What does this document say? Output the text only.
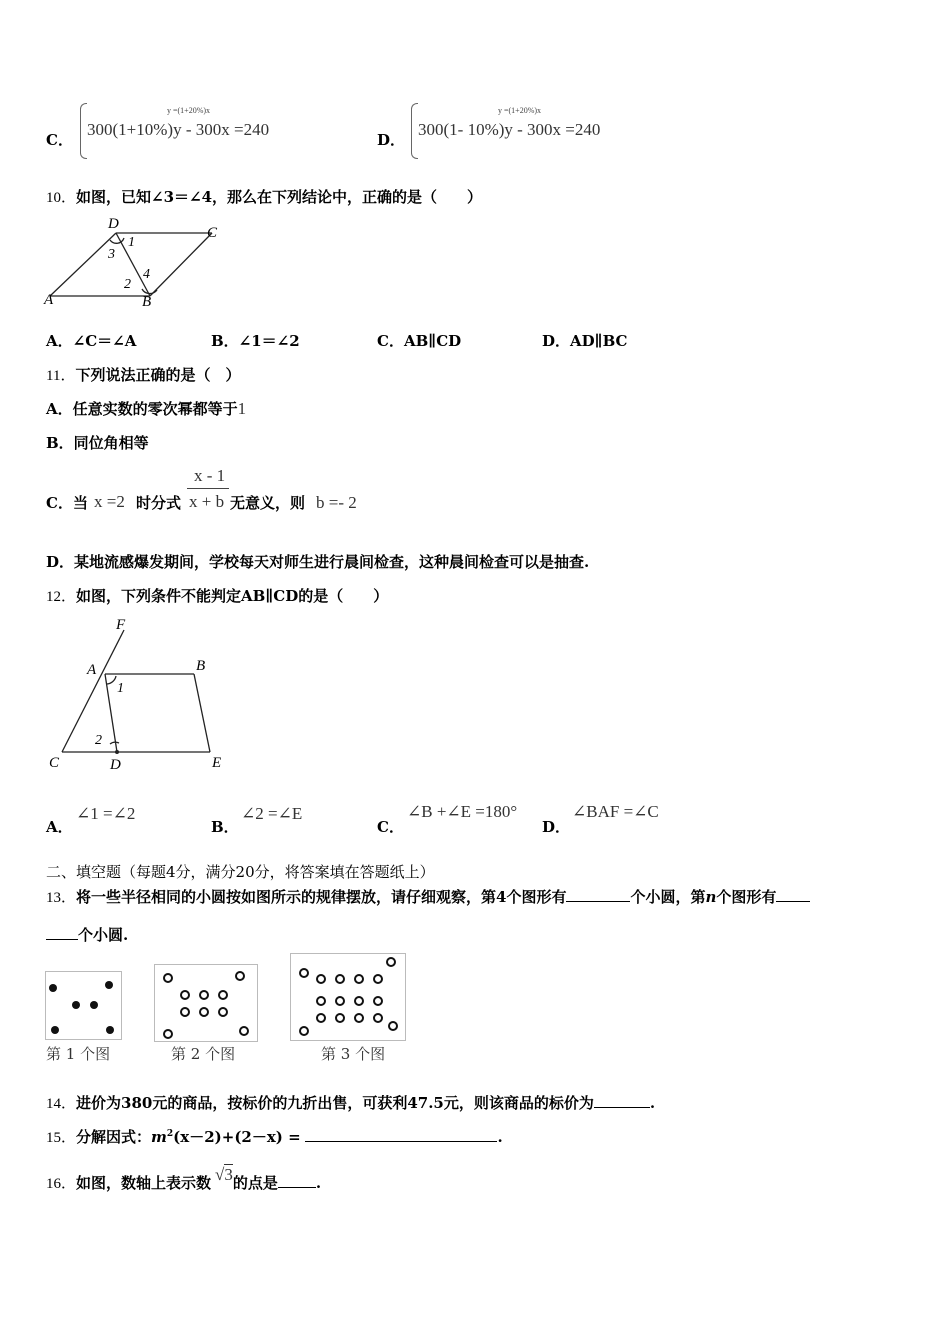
C．
y =(1+20%)x
300(1+10%)y - 300x =240
D．
y =(1+20%)x
300(1- 10%)y - 300x =240
10．如图，已知∠3＝∠4，那么在下列结论中，正确的是（　　）
D
C
A	B
1
2
3
4
A．∠C＝∠A	B．∠1＝∠2	C．AB∥CD	D．AD∥BC
11．下列说法正确的是（　）
A．任意实数的零次幂都等于1
B．同位角相等
C．当 x =2 时分式
x - 1
x + b 无意义，则 b =- 2
D．某地流感爆发期间，学校每天对师生进行晨间检查，这种晨间检查可以是抽查.
12．如图，下列条件不能判定AB∥CD的是（　　）
F
A	B
1
2
C	D	E
A．
∠1 =∠2
B．
∠2 =∠E
C．
∠B +∠E =180°
D．
∠BAF =∠C
二、填空题（每题4分，满分20分，将答案填在答题纸上）
13．将一些半径相同的小圆按如图所示的规律摆放，请仔细观察，第4个图形有	个小圆，第n个图形有
个小圆.
第 1 个图	第 2 个图	第 3 个图
14．进价为380元的商品，按标价的九折出售，可获利47.5元，则该商品的标价为	.
15．分解因式：$m^2(x-2)+(2-x)$ =	.
16．如图，数轴上表示数 √3的点是	.
